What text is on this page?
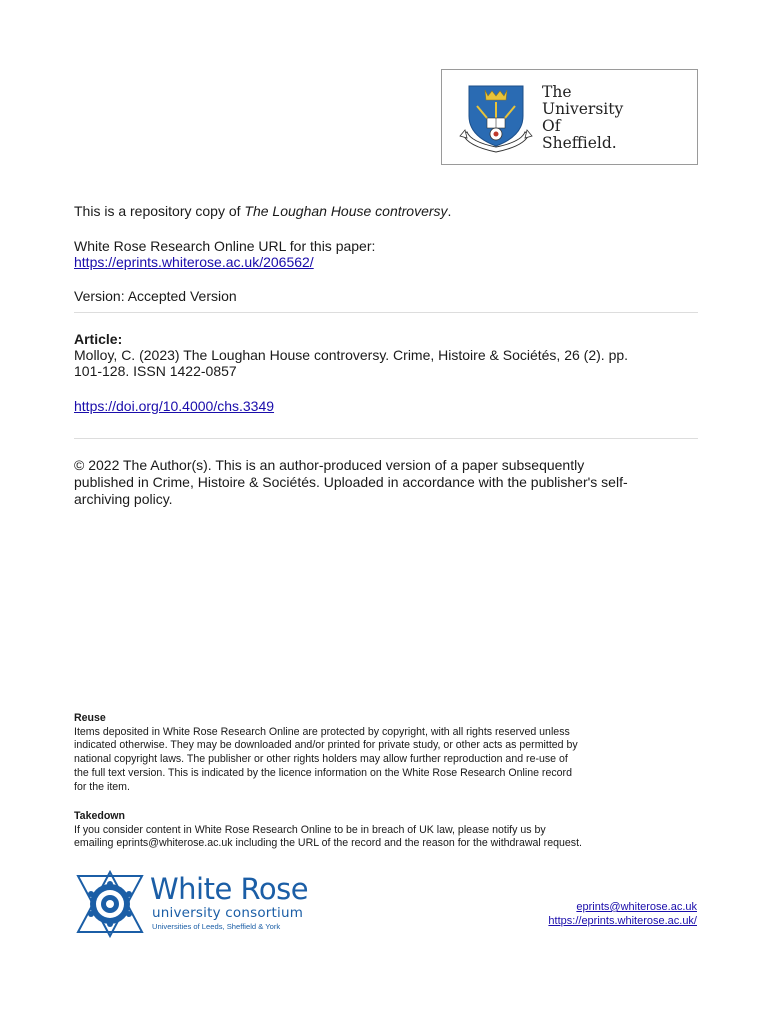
The
University
Of
Sheffield.
This is a repository copy of The Loughan House controversy.
White Rose Research Online URL for this paper:
https://eprints.whiterose.ac.uk/206562/
Version: Accepted Version
Article:
Molloy, C. (2023) The Loughan House controversy. Crime, Histoire & Sociétés, 26 (2). pp.
101-128. ISSN 1422-0857
https://doi.org/10.4000/chs.3349
© 2022 The Author(s). This is an author-produced version of a paper subsequently
published in Crime, Histoire & Sociétés. Uploaded in accordance with the publisher's self-
archiving policy.
Reuse
Items deposited in White Rose Research Online are protected by copyright, with all rights reserved unless
indicated otherwise. They may be downloaded and/or printed for private study, or other acts as permitted by
national copyright laws. The publisher or other rights holders may allow further reproduction and re-use of
the full text version. This is indicated by the licence information on the White Rose Research Online record
for the item.
Takedown
If you consider content in White Rose Research Online to be in breach of UK law, please notify us by
emailing eprints@whiterose.ac.uk including the URL of the record and the reason for the withdrawal request.
White Rose
university consortium
Universities of Leeds, Sheffield & York
eprints@whiterose.ac.uk
https://eprints.whiterose.ac.uk/
